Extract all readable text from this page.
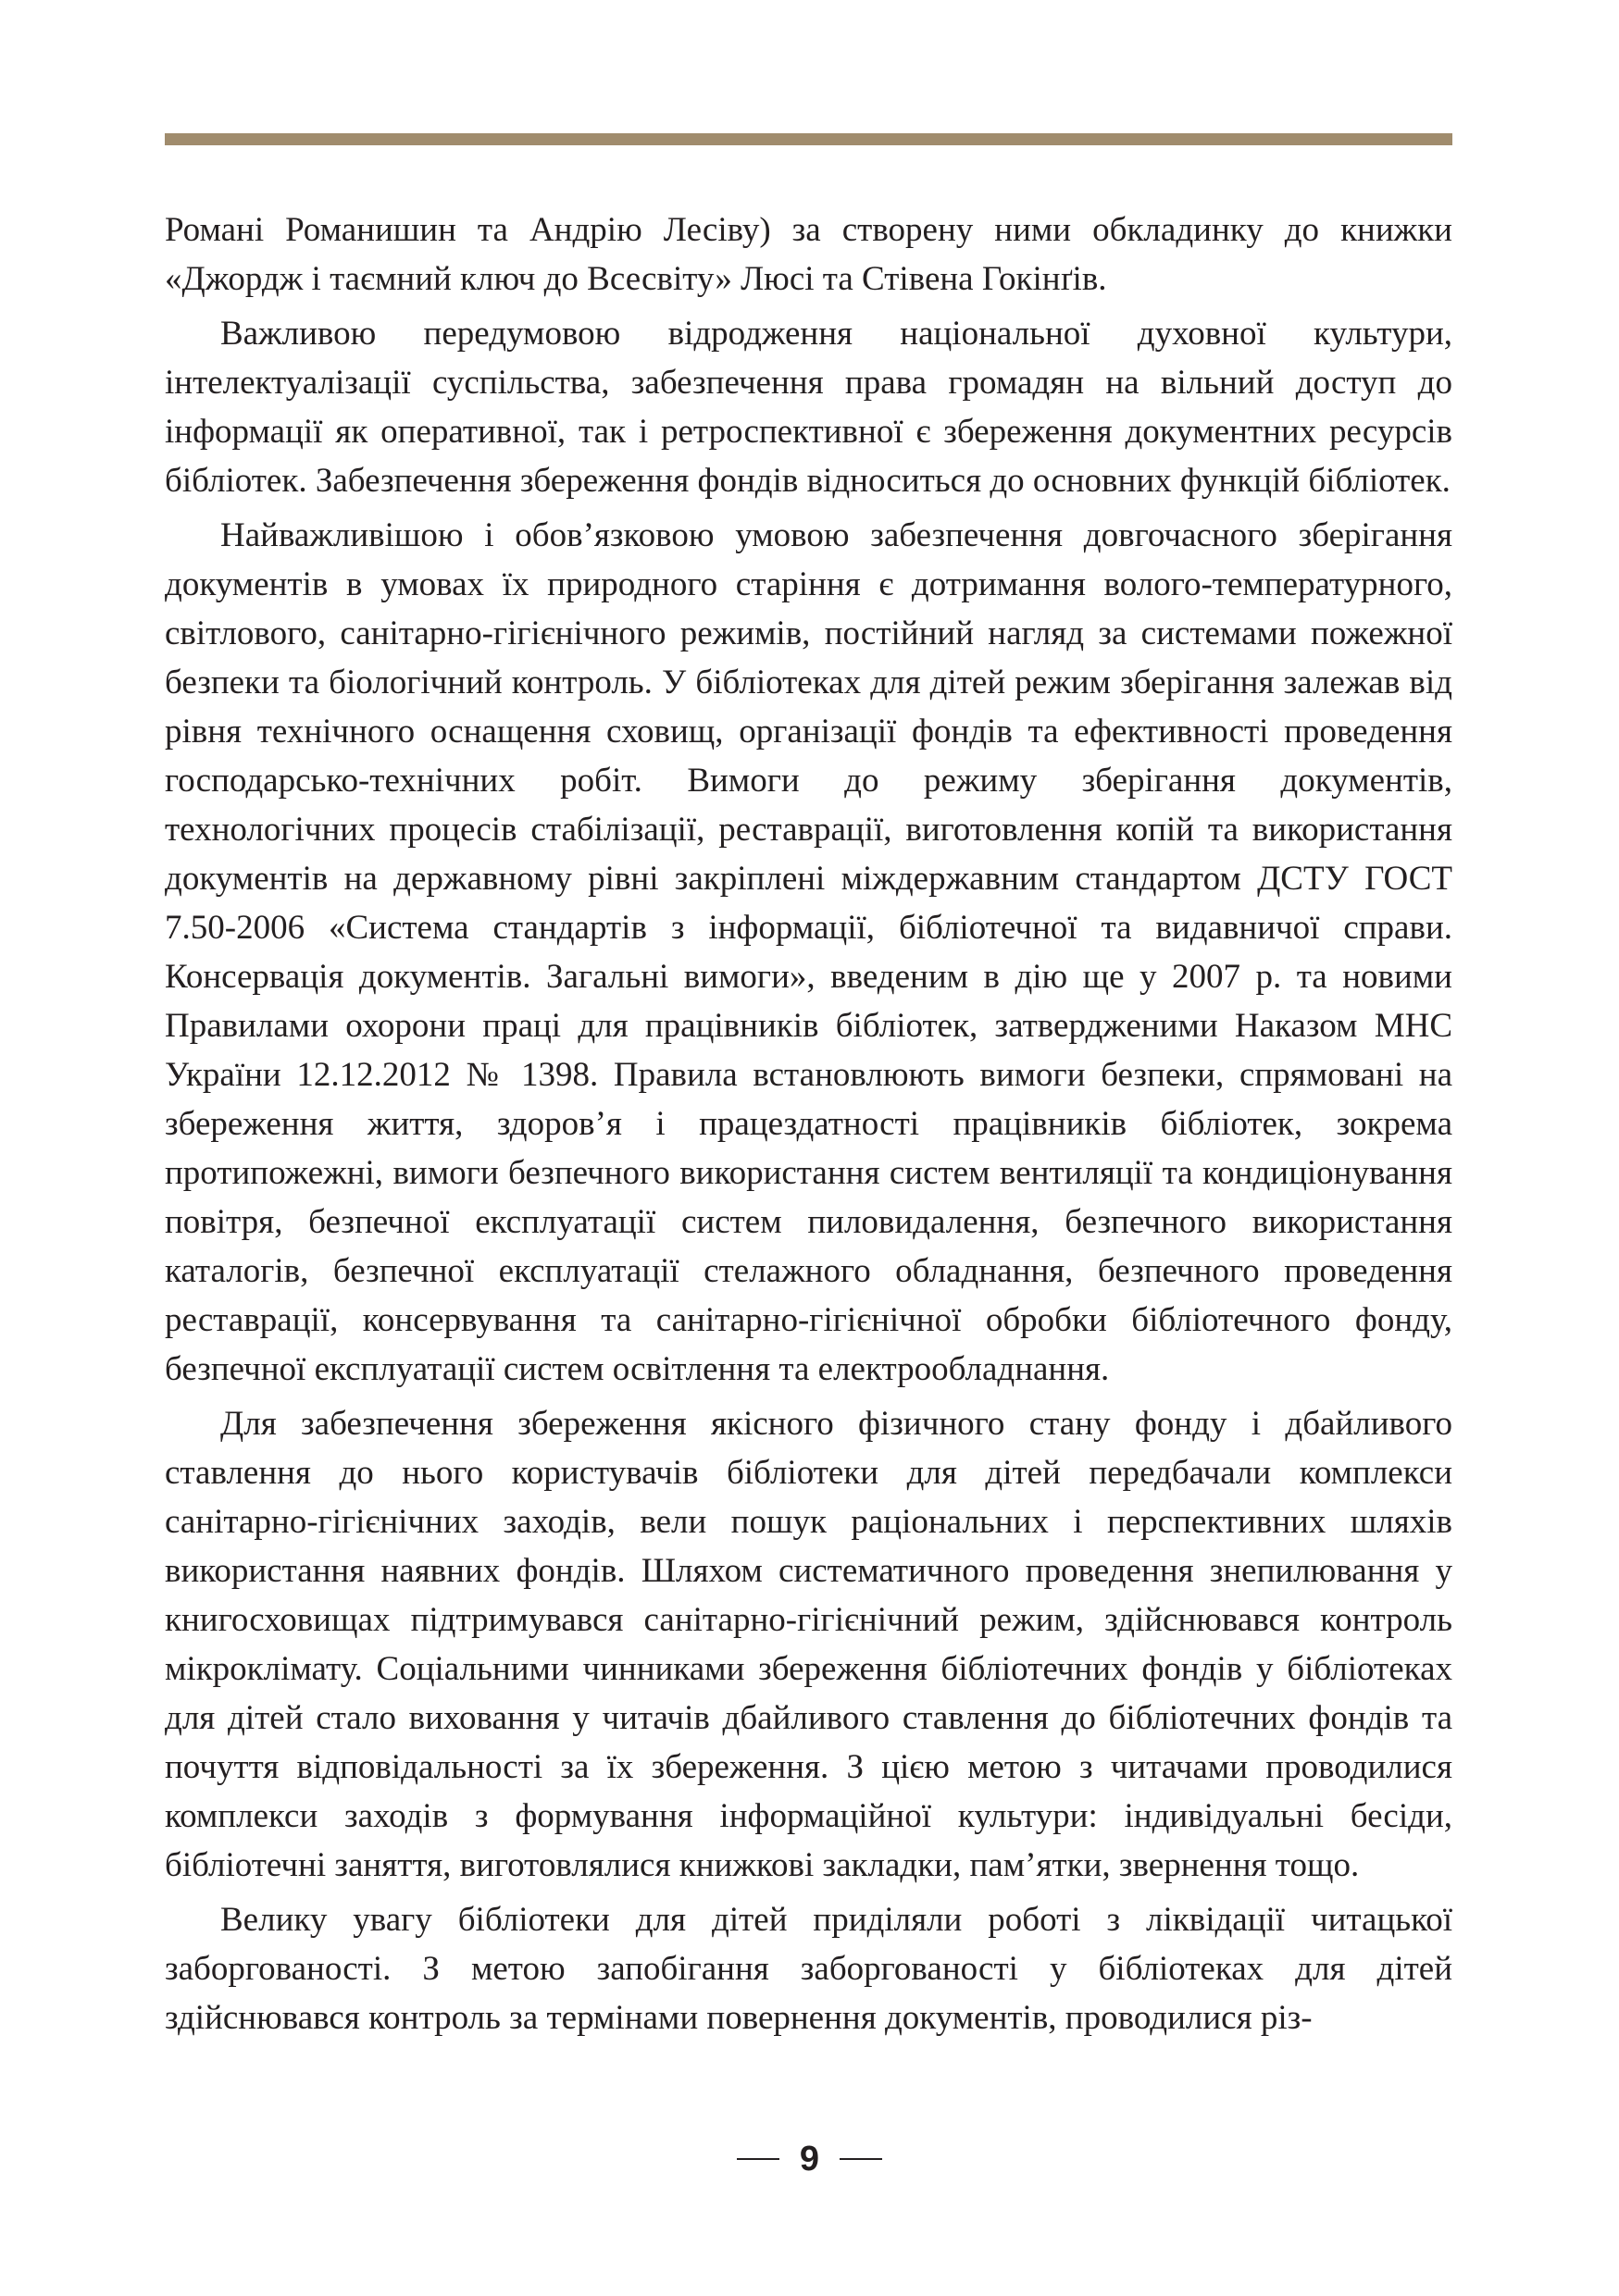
Романі Романишин та Андрію Лесіву) за створену ними обкладинку до книжки «Джордж і таємний ключ до Всесвіту» Люсі та Стівена Гокінґів.

Важливою передумовою відродження національної духовної культури, інтелектуалізації суспільства, забезпечення права громадян на вільний доступ до інформації як оперативної, так і ретроспективної є збереження документних ресурсів бібліотек. Забезпечення збереження фондів відноситься до основних функцій бібліотек.

Найважливішою і обов’язковою умовою забезпечення довгочасного зберігання документів в умовах їх природного старіння є дотримання волого-температурного, світлового, санітарно-гігієнічного режимів, постійний нагляд за системами пожежної безпеки та біологічний контроль. У бібліотеках для дітей режим зберігання залежав від рівня технічного оснащення сховищ, організації фондів та ефективності проведення господарсько-технічних робіт. Вимоги до режиму зберігання документів, технологічних процесів стабілізації, реставрації, виготовлення копій та використання документів на державному рівні закріплені міждержавним стандартом ДСТУ ГОСТ 7.50-2006 «Система стандартів з інформації, бібліотечної та видавничої справи. Консервація документів. Загальні вимоги», введеним в дію ще у 2007 р. та новими Правилами охорони праці для працівників бібліотек, затвердженими Наказом МНС України 12.12.2012 № 1398. Правила встановлюють вимоги безпеки, спрямовані на збереження життя, здоров’я і працездатності працівників бібліотек, зокрема протипожежні, вимоги безпечного використання систем вентиляції та кондиціонування повітря, безпечної експлуатації систем пиловидалення, безпечного використання каталогів, безпечної експлуатації стелажного обладнання, безпечного проведення реставрації, консервування та санітарно-гігієнічної обробки бібліотечного фонду, безпечної експлуатації систем освітлення та електрообладнання.

Для забезпечення збереження якісного фізичного стану фонду і дбайливого ставлення до нього користувачів бібліотеки для дітей передбачали комплекси санітарно-гігієнічних заходів, вели пошук раціональних і перспективних шляхів використання наявних фондів. Шляхом систематичного проведення знепилювання у книгосховищах підтримувався санітарно-гігієнічний режим, здійснювався контроль мікроклімату. Соціальними чинниками збереження бібліотечних фондів у бібліотеках для дітей стало виховання у читачів дбайливого ставлення до бібліотечних фондів та почуття відповідальності за їх збереження. З цією метою з читачами проводилися комплекси заходів з формування інформаційної культури: індивідуальні бесіди, бібліотечні заняття, виготовлялися книжкові закладки, пам’ятки, звернення тощо.

Велику увагу бібліотеки для дітей приділяли роботі з ліквідації читацької заборгованості. З метою запобігання заборгованості у бібліотеках для дітей здійснювався контроль за термінами повернення документів, проводилися різ-

9
